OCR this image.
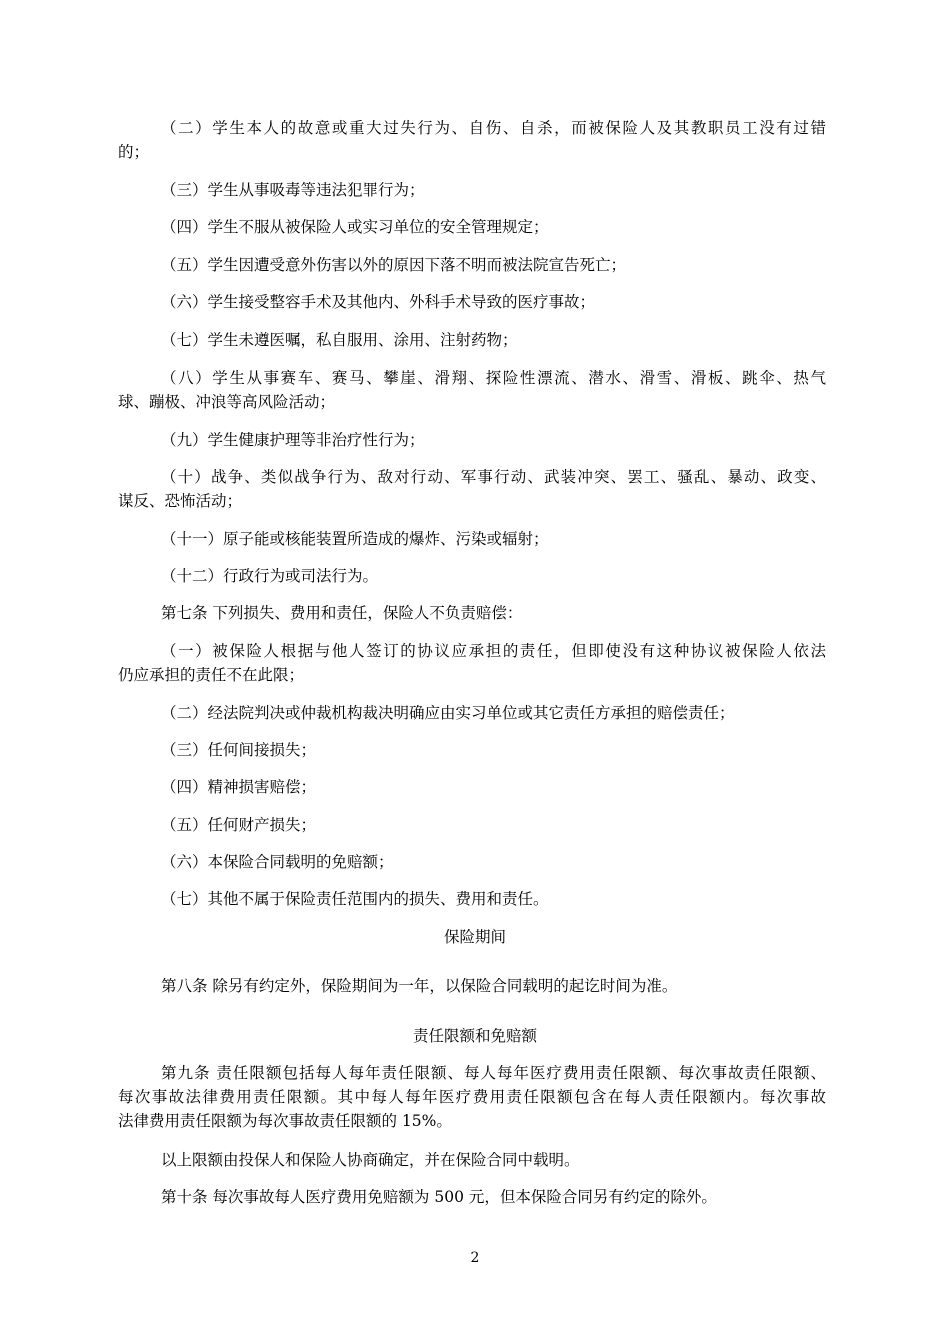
（二）学生本人的故意或重大过失行为、自伤、自杀，而被保险人及其教职员工没有过错
的；
（三）学生从事吸毒等违法犯罪行为；
（四）学生不服从被保险人或实习单位的安全管理规定；
（五）学生因遭受意外伤害以外的原因下落不明而被法院宣告死亡；
（六）学生接受整容手术及其他内、外科手术导致的医疗事故；
（七）学生未遵医嘱，私自服用、涂用、注射药物；
（八）学生从事赛车、赛马、攀崖、滑翔、探险性漂流、潜水、滑雪、滑板、跳伞、热气
球、蹦极、冲浪等高风险活动；
（九）学生健康护理等非治疗性行为；
（十）战争、类似战争行为、敌对行动、军事行动、武装冲突、罢工、骚乱、暴动、政变、
谋反、恐怖活动；
（十一）原子能或核能装置所造成的爆炸、污染或辐射；
（十二）行政行为或司法行为。
第七条 下列损失、费用和责任，保险人不负责赔偿：
（一）被保险人根据与他人签订的协议应承担的责任，但即使没有这种协议被保险人依法
仍应承担的责任不在此限；
（二）经法院判决或仲裁机构裁决明确应由实习单位或其它责任方承担的赔偿责任；
（三）任何间接损失；
（四）精神损害赔偿；
（五）任何财产损失；
（六）本保险合同载明的免赔额；
（七）其他不属于保险责任范围内的损失、费用和责任。
保险期间
第八条 除另有约定外，保险期间为一年，以保险合同载明的起讫时间为准。
责任限额和免赔额
第九条 责任限额包括每人每年责任限额、每人每年医疗费用责任限额、每次事故责任限额、
每次事故法律费用责任限额。其中每人每年医疗费用责任限额包含在每人责任限额内。每次事故
法律费用责任限额为每次事故责任限额的 15%。
以上限额由投保人和保险人协商确定，并在保险合同中载明。
第十条 每次事故每人医疗费用免赔额为 500 元，但本保险合同另有约定的除外。
2
